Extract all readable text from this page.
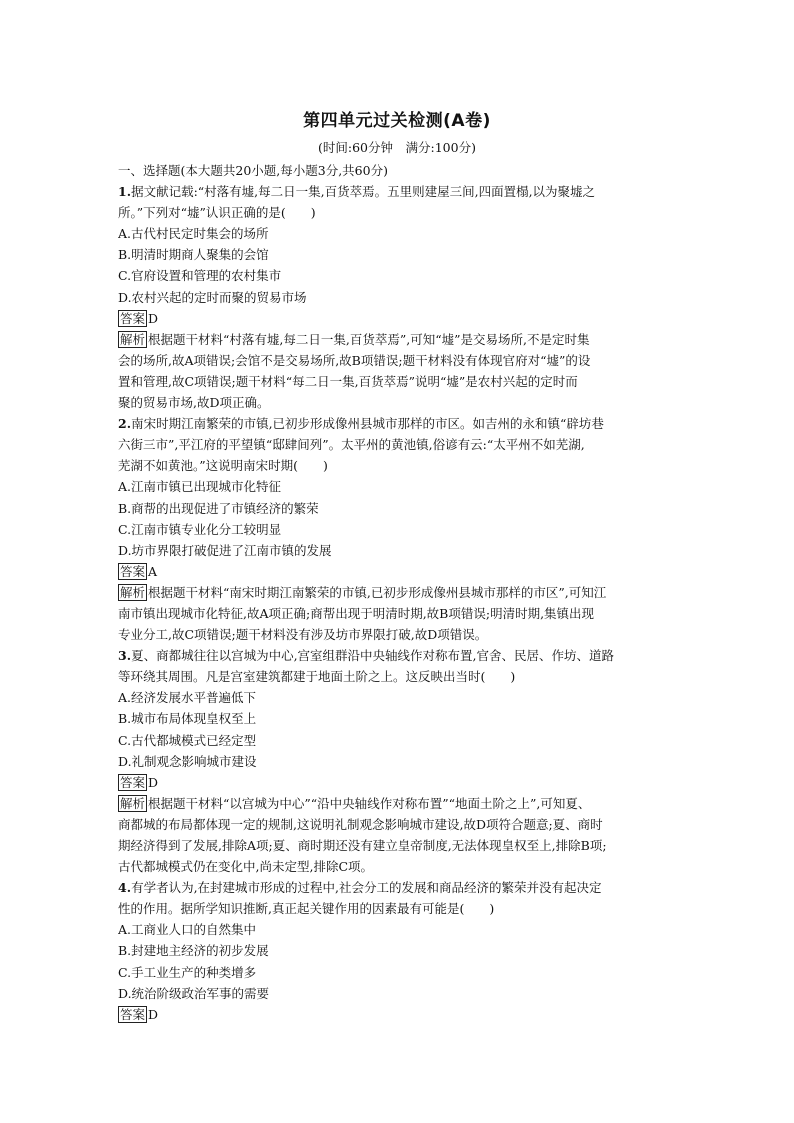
第四单元过关检测(A卷)
(时间:60分钟　满分:100分)
一、选择题(本大题共20小题,每小题3分,共60分)
1.据文献记载:“村落有墟,每二日一集,百货萃焉。五里则建屋三间,四面置榻,以为聚墟之
所。”下列对“墟”认识正确的是(　　)
A.古代村民定时集会的场所
B.明清时期商人聚集的会馆
C.官府设置和管理的农村集市
D.农村兴起的定时而聚的贸易市场
答案 D
解析 根据题干材料“村落有墟,每二日一集,百货萃焉”,可知“墟”是交易场所,不是定时集
会的场所,故A项错误;会馆不是交易场所,故B项错误;题干材料没有体现官府对“墟”的设
置和管理,故C项错误;题干材料“每二日一集,百货萃焉”说明“墟”是农村兴起的定时而
聚的贸易市场,故D项正确。
2.南宋时期江南繁荣的市镇,已初步形成像州县城市那样的市区。如吉州的永和镇“辟坊巷
六街三市”,平江府的平望镇“邸肆间列”。太平州的黄池镇,俗谚有云:“太平州不如芜湖,
芜湖不如黄池。”这说明南宋时期(　　)
A.江南市镇已出现城市化特征
B.商帮的出现促进了市镇经济的繁荣
C.江南市镇专业化分工较明显
D.坊市界限打破促进了江南市镇的发展
答案 A
解析 根据题干材料“南宋时期江南繁荣的市镇,已初步形成像州县城市那样的市区”,可知江
南市镇出现城市化特征,故A项正确;商帮出现于明清时期,故B项错误;明清时期,集镇出现
专业分工,故C项错误;题干材料没有涉及坊市界限打破,故D项错误。
3.夏、商都城往往以宫城为中心,宫室组群沿中央轴线作对称布置,官舍、民居、作坊、道路
等环绕其周围。凡是宫室建筑都建于地面土阶之上。这反映出当时(　　)
A.经济发展水平普遍低下
B.城市布局体现皇权至上
C.古代都城模式已经定型
D.礼制观念影响城市建设
答案 D
解析 根据题干材料“以宫城为中心”“沿中央轴线作对称布置”“地面土阶之上”,可知夏、
商都城的布局都体现一定的规制,这说明礼制观念影响城市建设,故D项符合题意;夏、商时
期经济得到了发展,排除A项;夏、商时期还没有建立皇帝制度,无法体现皇权至上,排除B项;
古代都城模式仍在变化中,尚未定型,排除C项。
4.有学者认为,在封建城市形成的过程中,社会分工的发展和商品经济的繁荣并没有起决定
性的作用。据所学知识推断,真正起关键作用的因素最有可能是(　　)
A.工商业人口的自然集中
B.封建地主经济的初步发展
C.手工业生产的种类增多
D.统治阶级政治军事的需要
答案 D
